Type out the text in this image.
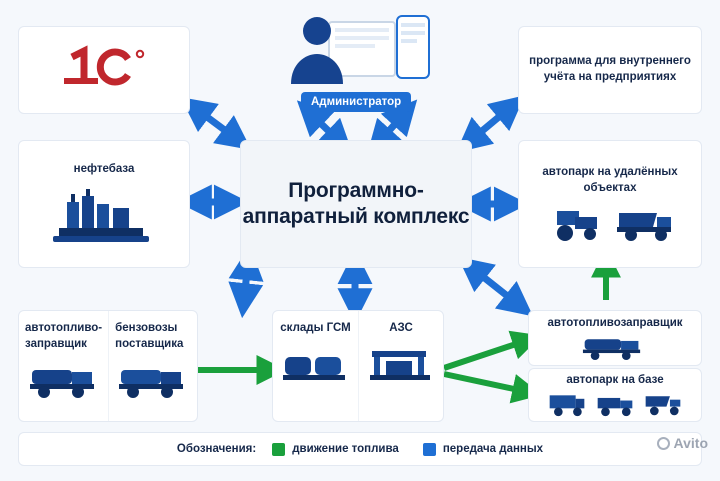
Администратор
программа для внутреннего учёта на предприятиях
нефтебаза
Программно-аппаратный комплекс
автопарк на удалённых объектах
автотопливо-заправщик
бензовозы поставщика
склады ГСМ	АЗС	автотопливозаправщик
автопарк на базе
Обозначения:	движение топлива	передача данных	Avito
